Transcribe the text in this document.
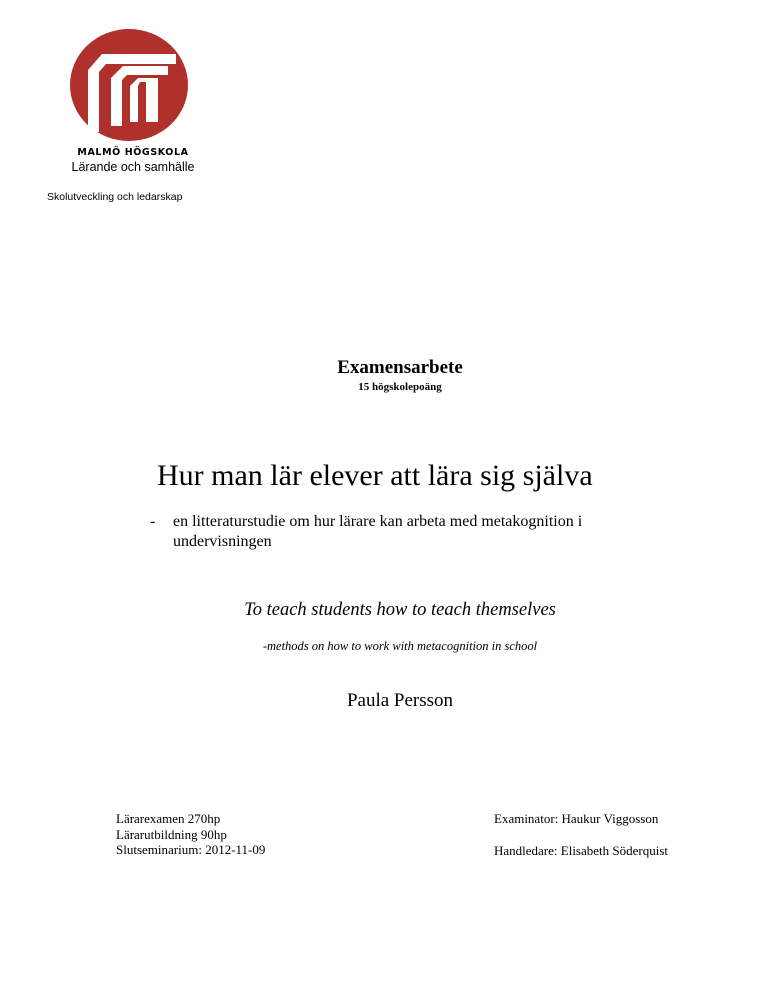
MALMÖ HÖGSKOLA
Lärande och samhälle
Skolutveckling och ledarskap
Examensarbete
15 högskolepoäng
Hur man lär elever att lära sig själva
- en litteraturstudie om hur lärare kan arbeta med metakognition i undervisningen
To teach students how to teach themselves
-methods on how to work with metacognition in school
Paula Persson
Lärarexamen 270hp
Lärarutbildning 90hp
Slutseminarium: 2012-11-09
Examinator: Haukur Viggosson
Handledare: Elisabeth Söderquist
